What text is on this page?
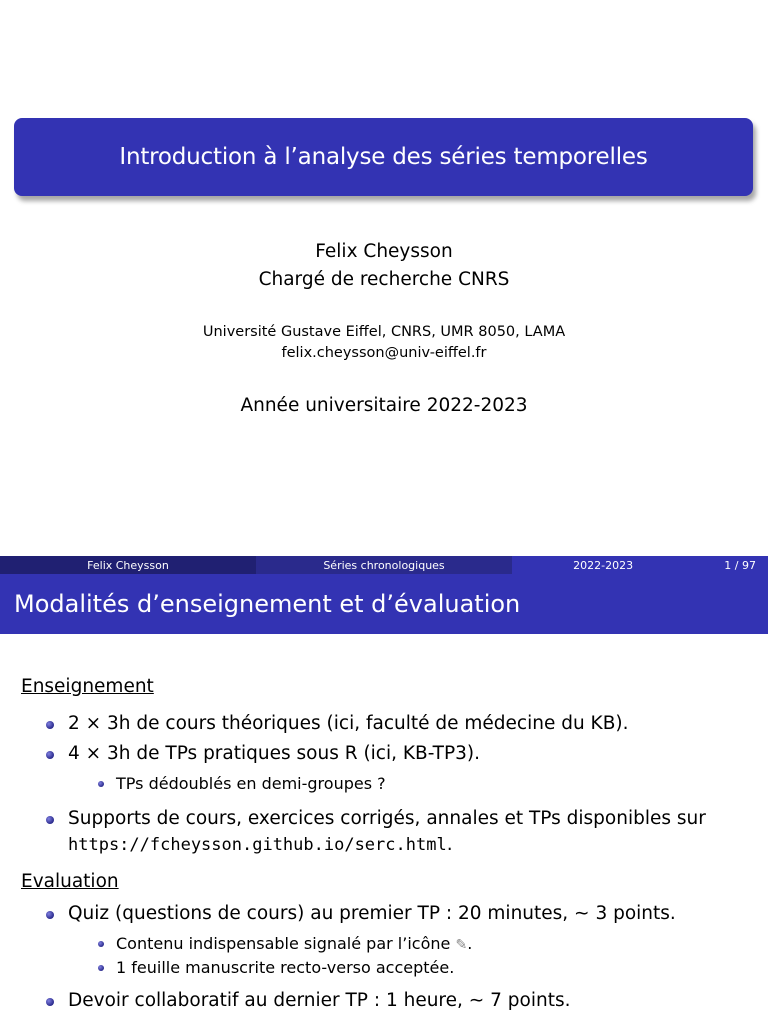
Introduction à l’analyse des séries temporelles
Felix Cheysson
Chargé de recherche CNRS
Université Gustave Eiffel, CNRS, UMR 8050, LAMA
felix.cheysson@univ-eiffel.fr
Année universitaire 2022-2023
Felix Cheysson	Séries chronologiques	2022-2023	1 / 97
Modalités d’enseignement et d’évaluation
Enseignement
2 × 3h de cours théoriques (ici, faculté de médecine du KB).
4 × 3h de TPs pratiques sous R (ici, KB-TP3).
TPs dédoublés en demi-groupes ?
Supports de cours, exercices corrigés, annales et TPs disponibles sur
https://fcheysson.github.io/serc.html.
Evaluation
Quiz (questions de cours) au premier TP : 20 minutes, ∼ 3 points.
Contenu indispensable signalé par l’icône ✎.
1 feuille manuscrite recto-verso acceptée.
Devoir collaboratif au dernier TP : 1 heure, ∼ 7 points.
